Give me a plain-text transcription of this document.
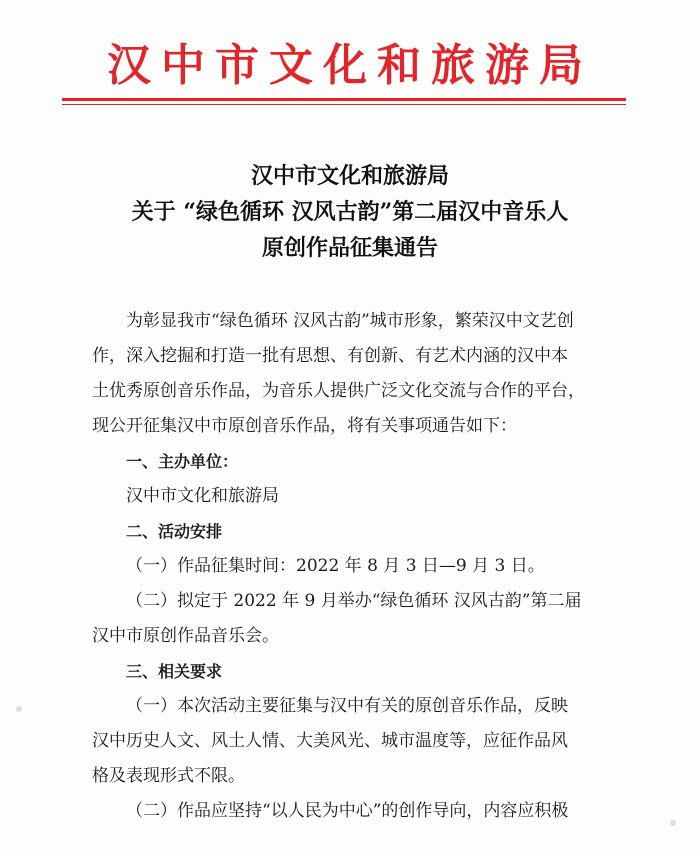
汉中市文化和旅游局
汉中市文化和旅游局
关于 “绿色循环 汉风古韵”第二届汉中音乐人
原创作品征集通告
为彰显我市“绿色循环 汉风古韵”城市形象，繁荣汉中文艺创
作，深入挖掘和打造一批有思想、有创新、有艺术内涵的汉中本
土优秀原创音乐作品，为音乐人提供广泛文化交流与合作的平台，
现公开征集汉中市原创音乐作品，将有关事项通告如下：
一、主办单位：
汉中市文化和旅游局
二、活动安排
（一）作品征集时间：2022 年 8 月 3 日—9 月 3 日。
（二）拟定于 2022 年 9 月举办“绿色循环 汉风古韵”第二届
汉中市原创作品音乐会。
三、相关要求
（一）本次活动主要征集与汉中有关的原创音乐作品，反映
汉中历史人文、风土人情、大美风光、城市温度等，应征作品风
格及表现形式不限。
（二）作品应坚持“以人民为中心”的创作导向，内容应积极
